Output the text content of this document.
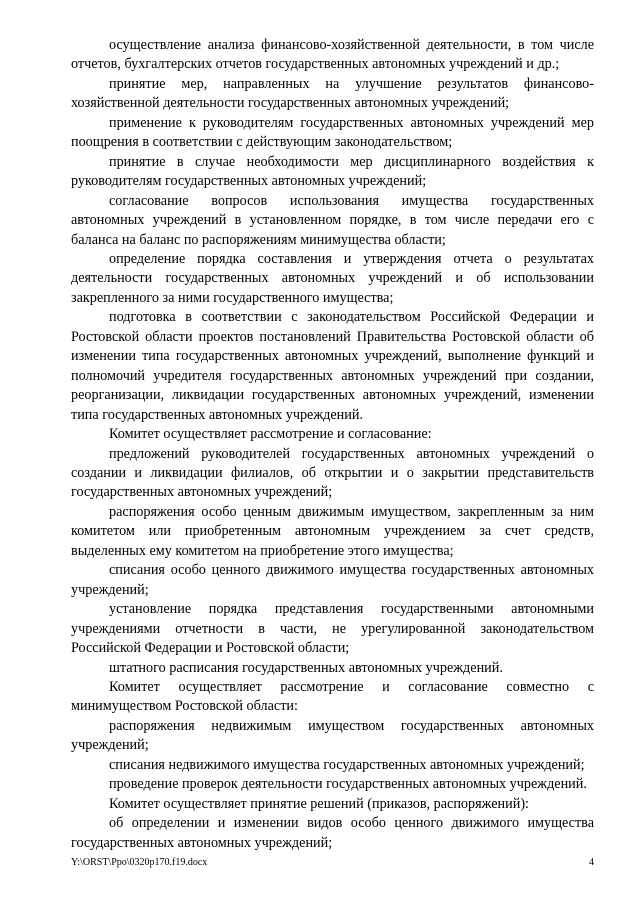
осуществление анализа финансово-хозяйственной деятельности, в том числе отчетов, бухгалтерских отчетов государственных автономных учреждений и др.;

принятие мер, направленных на улучшение результатов финансово-хозяйственной деятельности государственных автономных учреждений;

применение к руководителям государственных автономных учреждений мер поощрения в соответствии с действующим законодательством;

принятие в случае необходимости мер дисциплинарного воздействия к руководителям государственных автономных учреждений;

согласование вопросов использования имущества государственных автономных учреждений в установленном порядке, в том числе передачи его с баланса на баланс по распоряжениям минимущества области;

определение порядка составления и утверждения отчета о результатах деятельности государственных автономных учреждений и об использовании закрепленного за ними государственного имущества;

подготовка в соответствии с законодательством Российской Федерации и Ростовской области проектов постановлений Правительства Ростовской области об изменении типа государственных автономных учреждений, выполнение функций и полномочий учредителя государственных автономных учреждений при создании, реорганизации, ликвидации государственных автономных учреждений, изменении типа государственных автономных учреждений.

Комитет осуществляет рассмотрение и согласование:

предложений руководителей государственных автономных учреждений о создании и ликвидации филиалов, об открытии и о закрытии представительств государственных автономных учреждений;

распоряжения особо ценным движимым имуществом, закрепленным за ним комитетом или приобретенным автономным учреждением за счет средств, выделенных ему комитетом на приобретение этого имущества;

списания особо ценного движимого имущества государственных автономных учреждений;

установление порядка представления государственными автономными учреждениями отчетности в части, не урегулированной законодательством Российской Федерации и Ростовской области;

штатного расписания государственных автономных учреждений.

Комитет осуществляет рассмотрение и согласование совместно с минимуществом Ростовской области:

распоряжения недвижимым имуществом государственных автономных учреждений;

списания недвижимого имущества государственных автономных учреждений;

проведение проверок деятельности государственных автономных учреждений.

Комитет осуществляет принятие решений (приказов, распоряжений):

об определении и изменении видов особо ценного движимого имущества государственных автономных учреждений;

Y:\ORST\Ppo\0320p170.f19.docx	4
